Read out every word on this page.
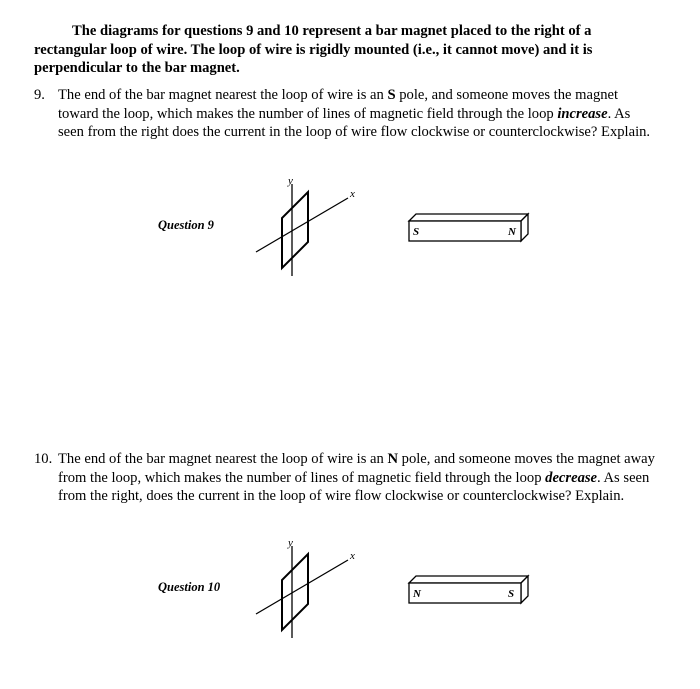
The diagrams for questions 9 and 10 represent a bar magnet placed to the right of a
rectangular loop of wire. The loop of wire is rigidly mounted (i.e., it cannot move) and it is perpendicular to the bar magnet.
9. The end of the bar magnet nearest the loop of wire is an S pole, and someone moves the magnet toward the loop, which makes the number of lines of magnetic field through the loop increase. As seen from the right does the current in the loop of wire flow clockwise or counterclockwise? Explain.
Question 9
y
x
S	N
10. The end of the bar magnet nearest the loop of wire is an N pole, and someone moves the magnet away from the loop, which makes the number of lines of magnetic field through the loop decrease. As seen from the right, does the current in the loop of wire flow clockwise or counterclockwise? Explain.
Question 10
y
x
N	S
